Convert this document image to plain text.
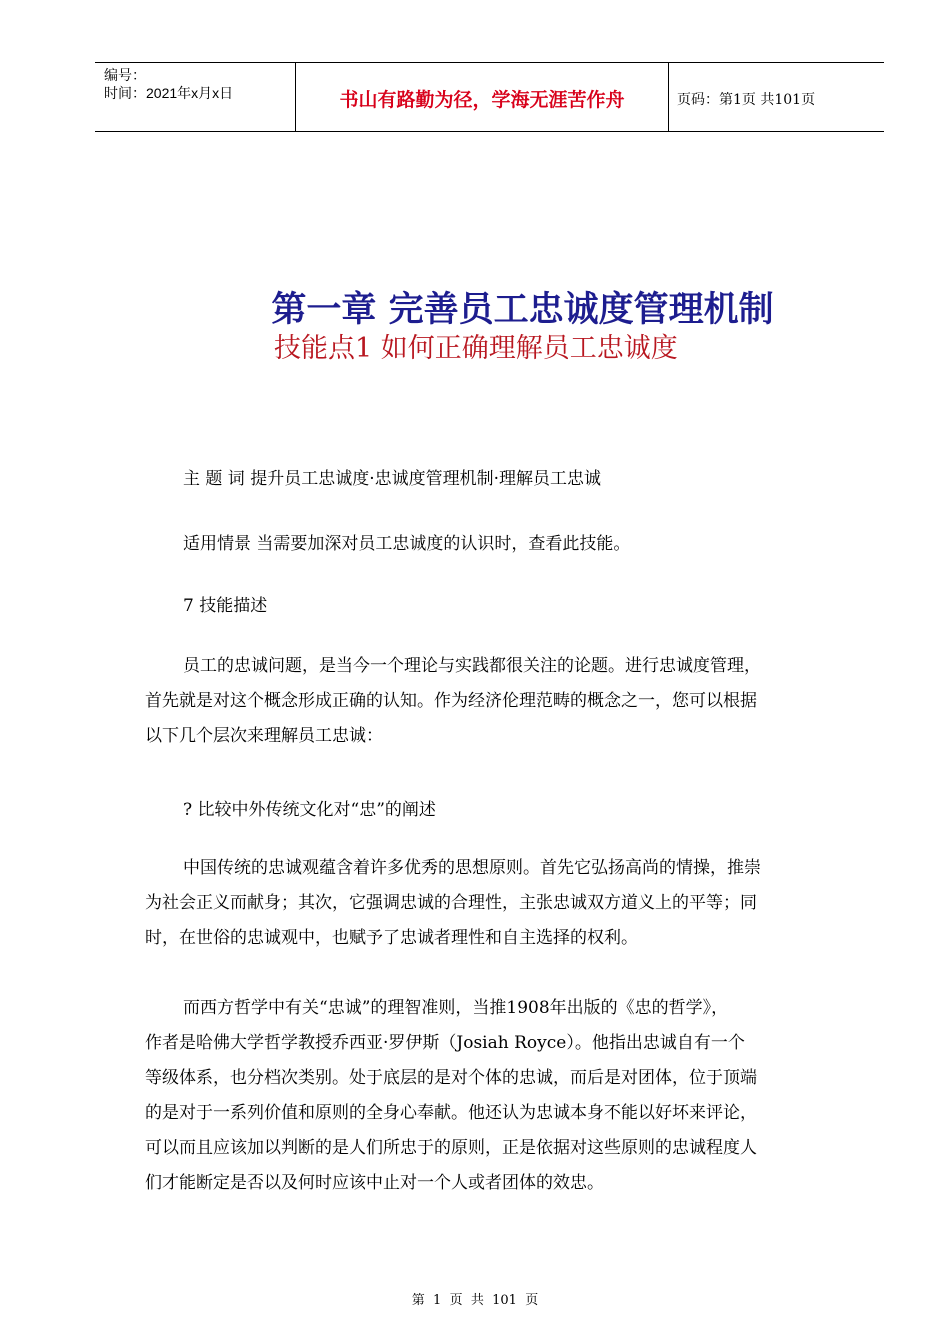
编号：
时间：2021年x月x日	书山有路勤为径，学海无涯苦作舟	页码：第1页 共101页
第一章 完善员工忠诚度管理机制
技能点1 如何正确理解员工忠诚度
主 题 词 提升员工忠诚度·忠诚度管理机制·理解员工忠诚
适用情景 当需要加深对员工忠诚度的认识时，查看此技能。
7 技能描述

员工的忠诚问题，是当今一个理论与实践都很关注的论题。进行忠诚度管理，

首先就是对这个概念形成正确的认知。作为经济伦理范畴的概念之一，您可以根据

以下几个层次来理解员工忠诚：

? 比较中外传统文化对“忠”的阐述

中国传统的忠诚观蕴含着许多优秀的思想原则。首先它弘扬高尚的情操，推崇

为社会正义而献身；其次，它强调忠诚的合理性，主张忠诚双方道义上的平等；同

时，在世俗的忠诚观中，也赋予了忠诚者理性和自主选择的权利。

而西方哲学中有关“忠诚”的理智准则，当推1908年出版的《忠的哲学》，

作者是哈佛大学哲学教授乔西亚·罗伊斯（Josiah Royce）。他指出忠诚自有一个

等级体系，也分档次类别。处于底层的是对个体的忠诚，而后是对团体，位于顶端

的是对于一系列价值和原则的全身心奉献。他还认为忠诚本身不能以好坏来评论，

可以而且应该加以判断的是人们所忠于的原则，正是依据对这些原则的忠诚程度人

们才能断定是否以及何时应该中止对一个人或者团体的效忠。

第  1  页  共  101  页
